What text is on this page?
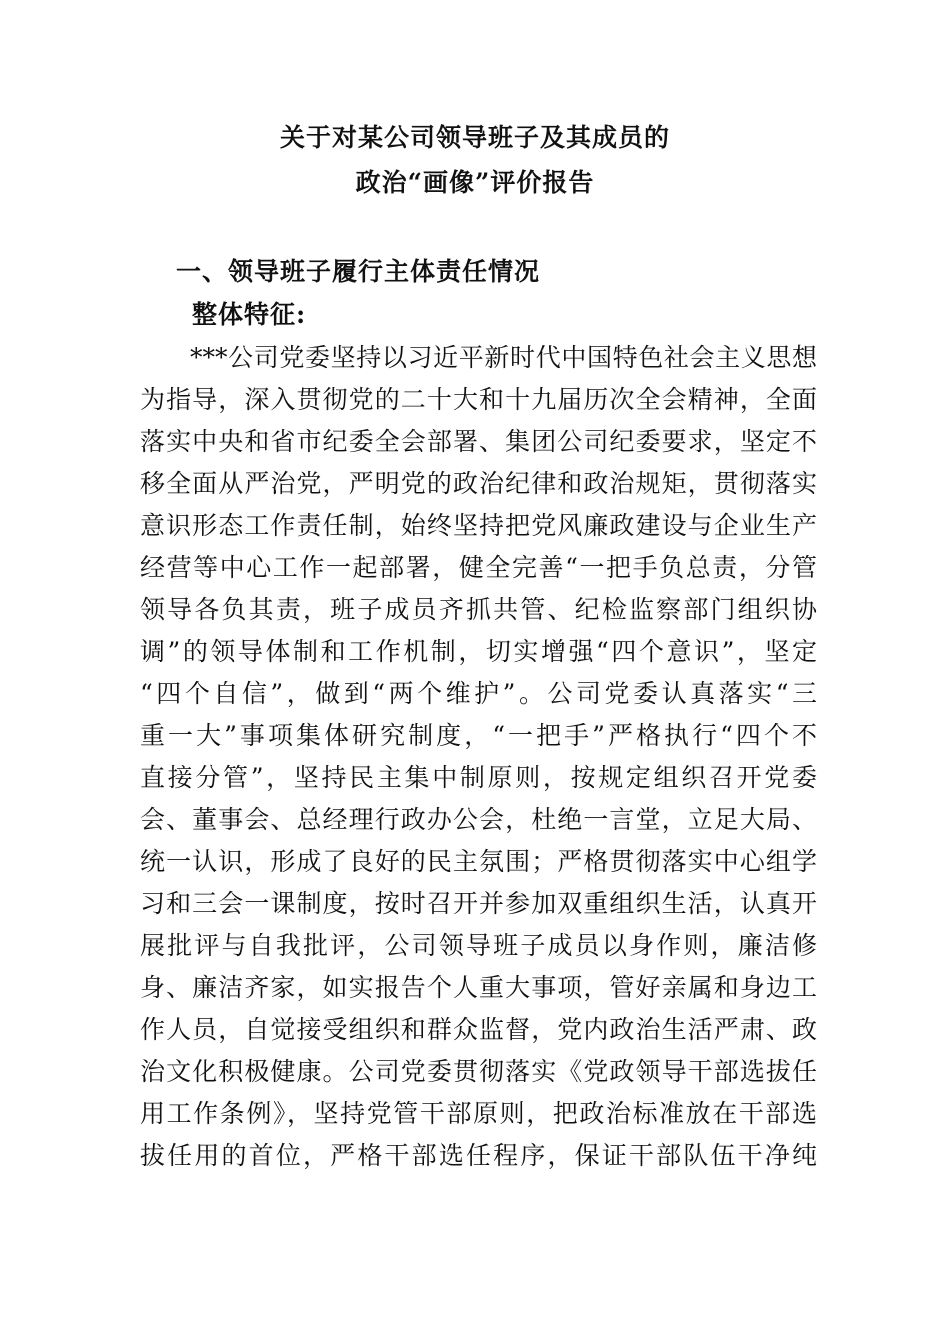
关于对某公司领导班子及其成员的
政治“画像”评价报告
一、领导班子履行主体责任情况
整体特征:
***公司党委坚持以习近平新时代中国特色社会主义思想
为指导，深入贯彻党的二十大和十九届历次全会精神，全面
落实中央和省市纪委全会部署、集团公司纪委要求，坚定不
移全面从严治党，严明党的政治纪律和政治规矩，贯彻落实
意识形态工作责任制，始终坚持把党风廉政建设与企业生产
经营等中心工作一起部署，健全完善“一把手负总责，分管
领导各负其责，班子成员齐抓共管、纪检监察部门组织协
调”的领导体制和工作机制，切实增强“四个意识”，坚定
“四个自信”，做到“两个维护”。公司党委认真落实“三
重一大”事项集体研究制度，“一把手”严格执行“四个不
直接分管”，坚持民主集中制原则，按规定组织召开党委
会、董事会、总经理行政办公会，杜绝一言堂，立足大局、
统一认识，形成了良好的民主氛围；严格贯彻落实中心组学
习和三会一课制度，按时召开并参加双重组织生活，认真开
展批评与自我批评，公司领导班子成员以身作则，廉洁修
身、廉洁齐家，如实报告个人重大事项，管好亲属和身边工
作人员，自觉接受组织和群众监督，党内政治生活严肃、政
治文化积极健康。公司党委贯彻落实《党政领导干部选拔任
用工作条例》，坚持党管干部原则，把政治标准放在干部选
拔任用的首位，严格干部选任程序，保证干部队伍干净纯
